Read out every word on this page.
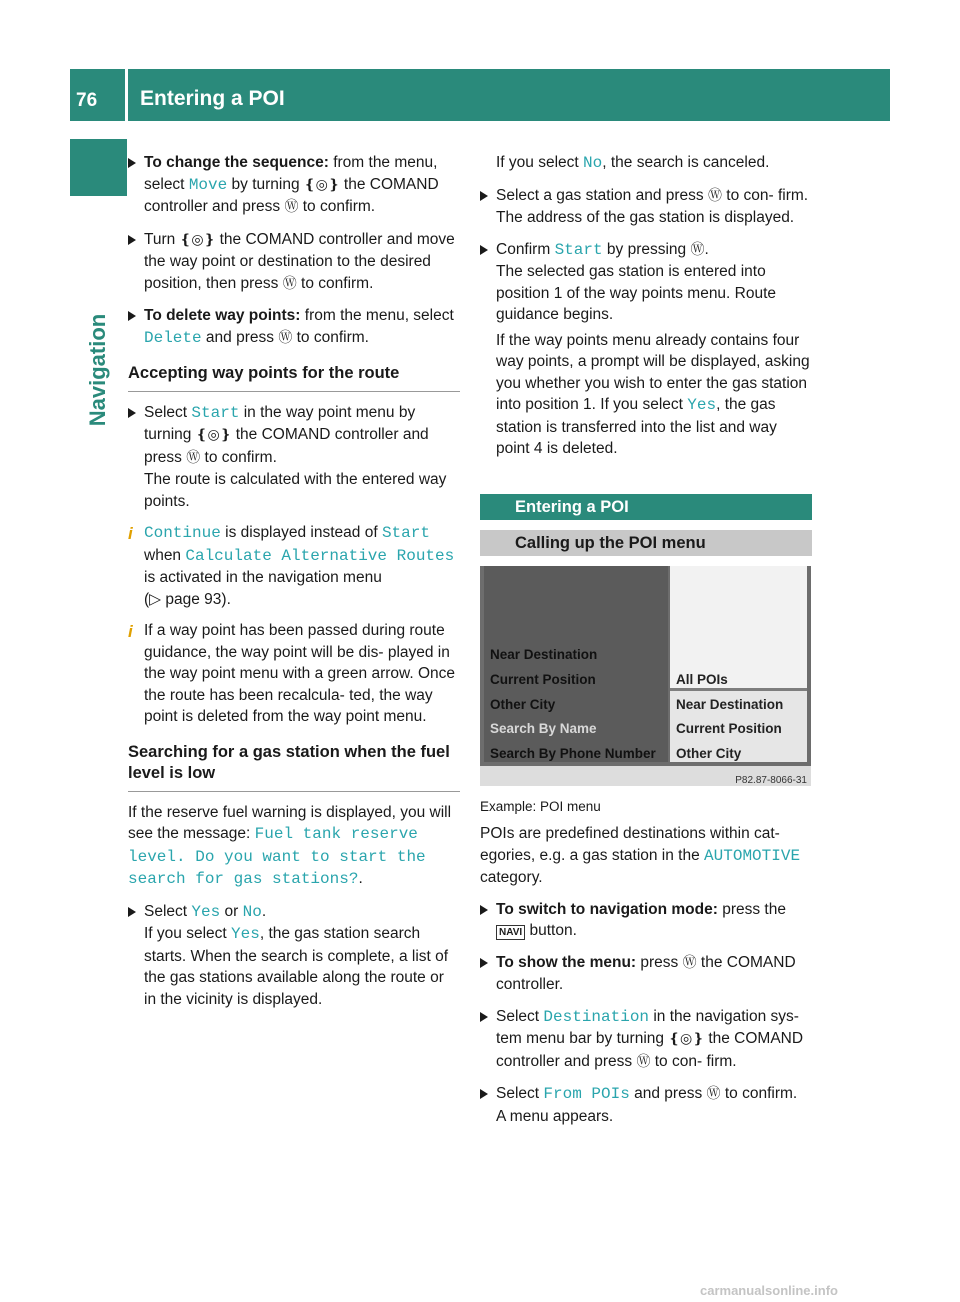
76 Entering a POI
Navigation
To change the sequence: from the menu, select Move by turning ❴◎❵ the COMAND controller and press Ⓦ to confirm.
Turn ❴◎❵ the COMAND controller and move the way point or destination to the desired position, then press Ⓦ to confirm.
To delete way points: from the menu, select Delete and press Ⓦ to confirm.
Accepting way points for the route
Select Start in the way point menu by turning ❴◎❵ the COMAND controller and press Ⓦ to confirm.
The route is calculated with the entered way points.
i Continue is displayed instead of Start when Calculate Alternative Routes is activated in the navigation menu
(▷ page 93).
i If a way point has been passed during route guidance, the way point will be dis- played in the way point menu with a green arrow. Once the route has been recalcula- ted, the way point is deleted from the way point menu.
Searching for a gas station when the fuel level is low
If the reserve fuel warning is displayed, you will see the message: Fuel tank reserve level. Do you want to start the search for gas stations?.
Select Yes or No.
If you select Yes, the gas station search starts. When the search is complete, a list of the gas stations available along the route or in the vicinity is displayed.
If you select No, the search is canceled.
Select a gas station and press Ⓦ to con- firm.
The address of the gas station is displayed.
Confirm Start by pressing Ⓦ.
The selected gas station is entered into position 1 of the way points menu. Route guidance begins.

If the way points menu already contains four way points, a prompt will be displayed, asking you whether you wish to enter the gas station into position 1. If you select Yes, the gas station is transferred into the list and way point 4 is deleted.
Entering a POI
Calling up the POI menu
Near Destination
Current Position
Other City
Search By Name
Search By Phone Number
All POIs
Near Destination
Current Position
Other City
P82.87-8066-31
Example: POI menu
POIs are predefined destinations within cat- egories, e.g. a gas station in the AUTOMOTIVE
category.
To switch to navigation mode: press the
NAVI button.
To show the menu: press Ⓦ the COMAND controller.
Select Destination in the navigation sys- tem menu bar by turning ❴◎❵ the COMAND controller and press Ⓦ to con- firm.
Select From POIs and press Ⓦ to confirm.
A menu appears.
carmanualsonline.info
